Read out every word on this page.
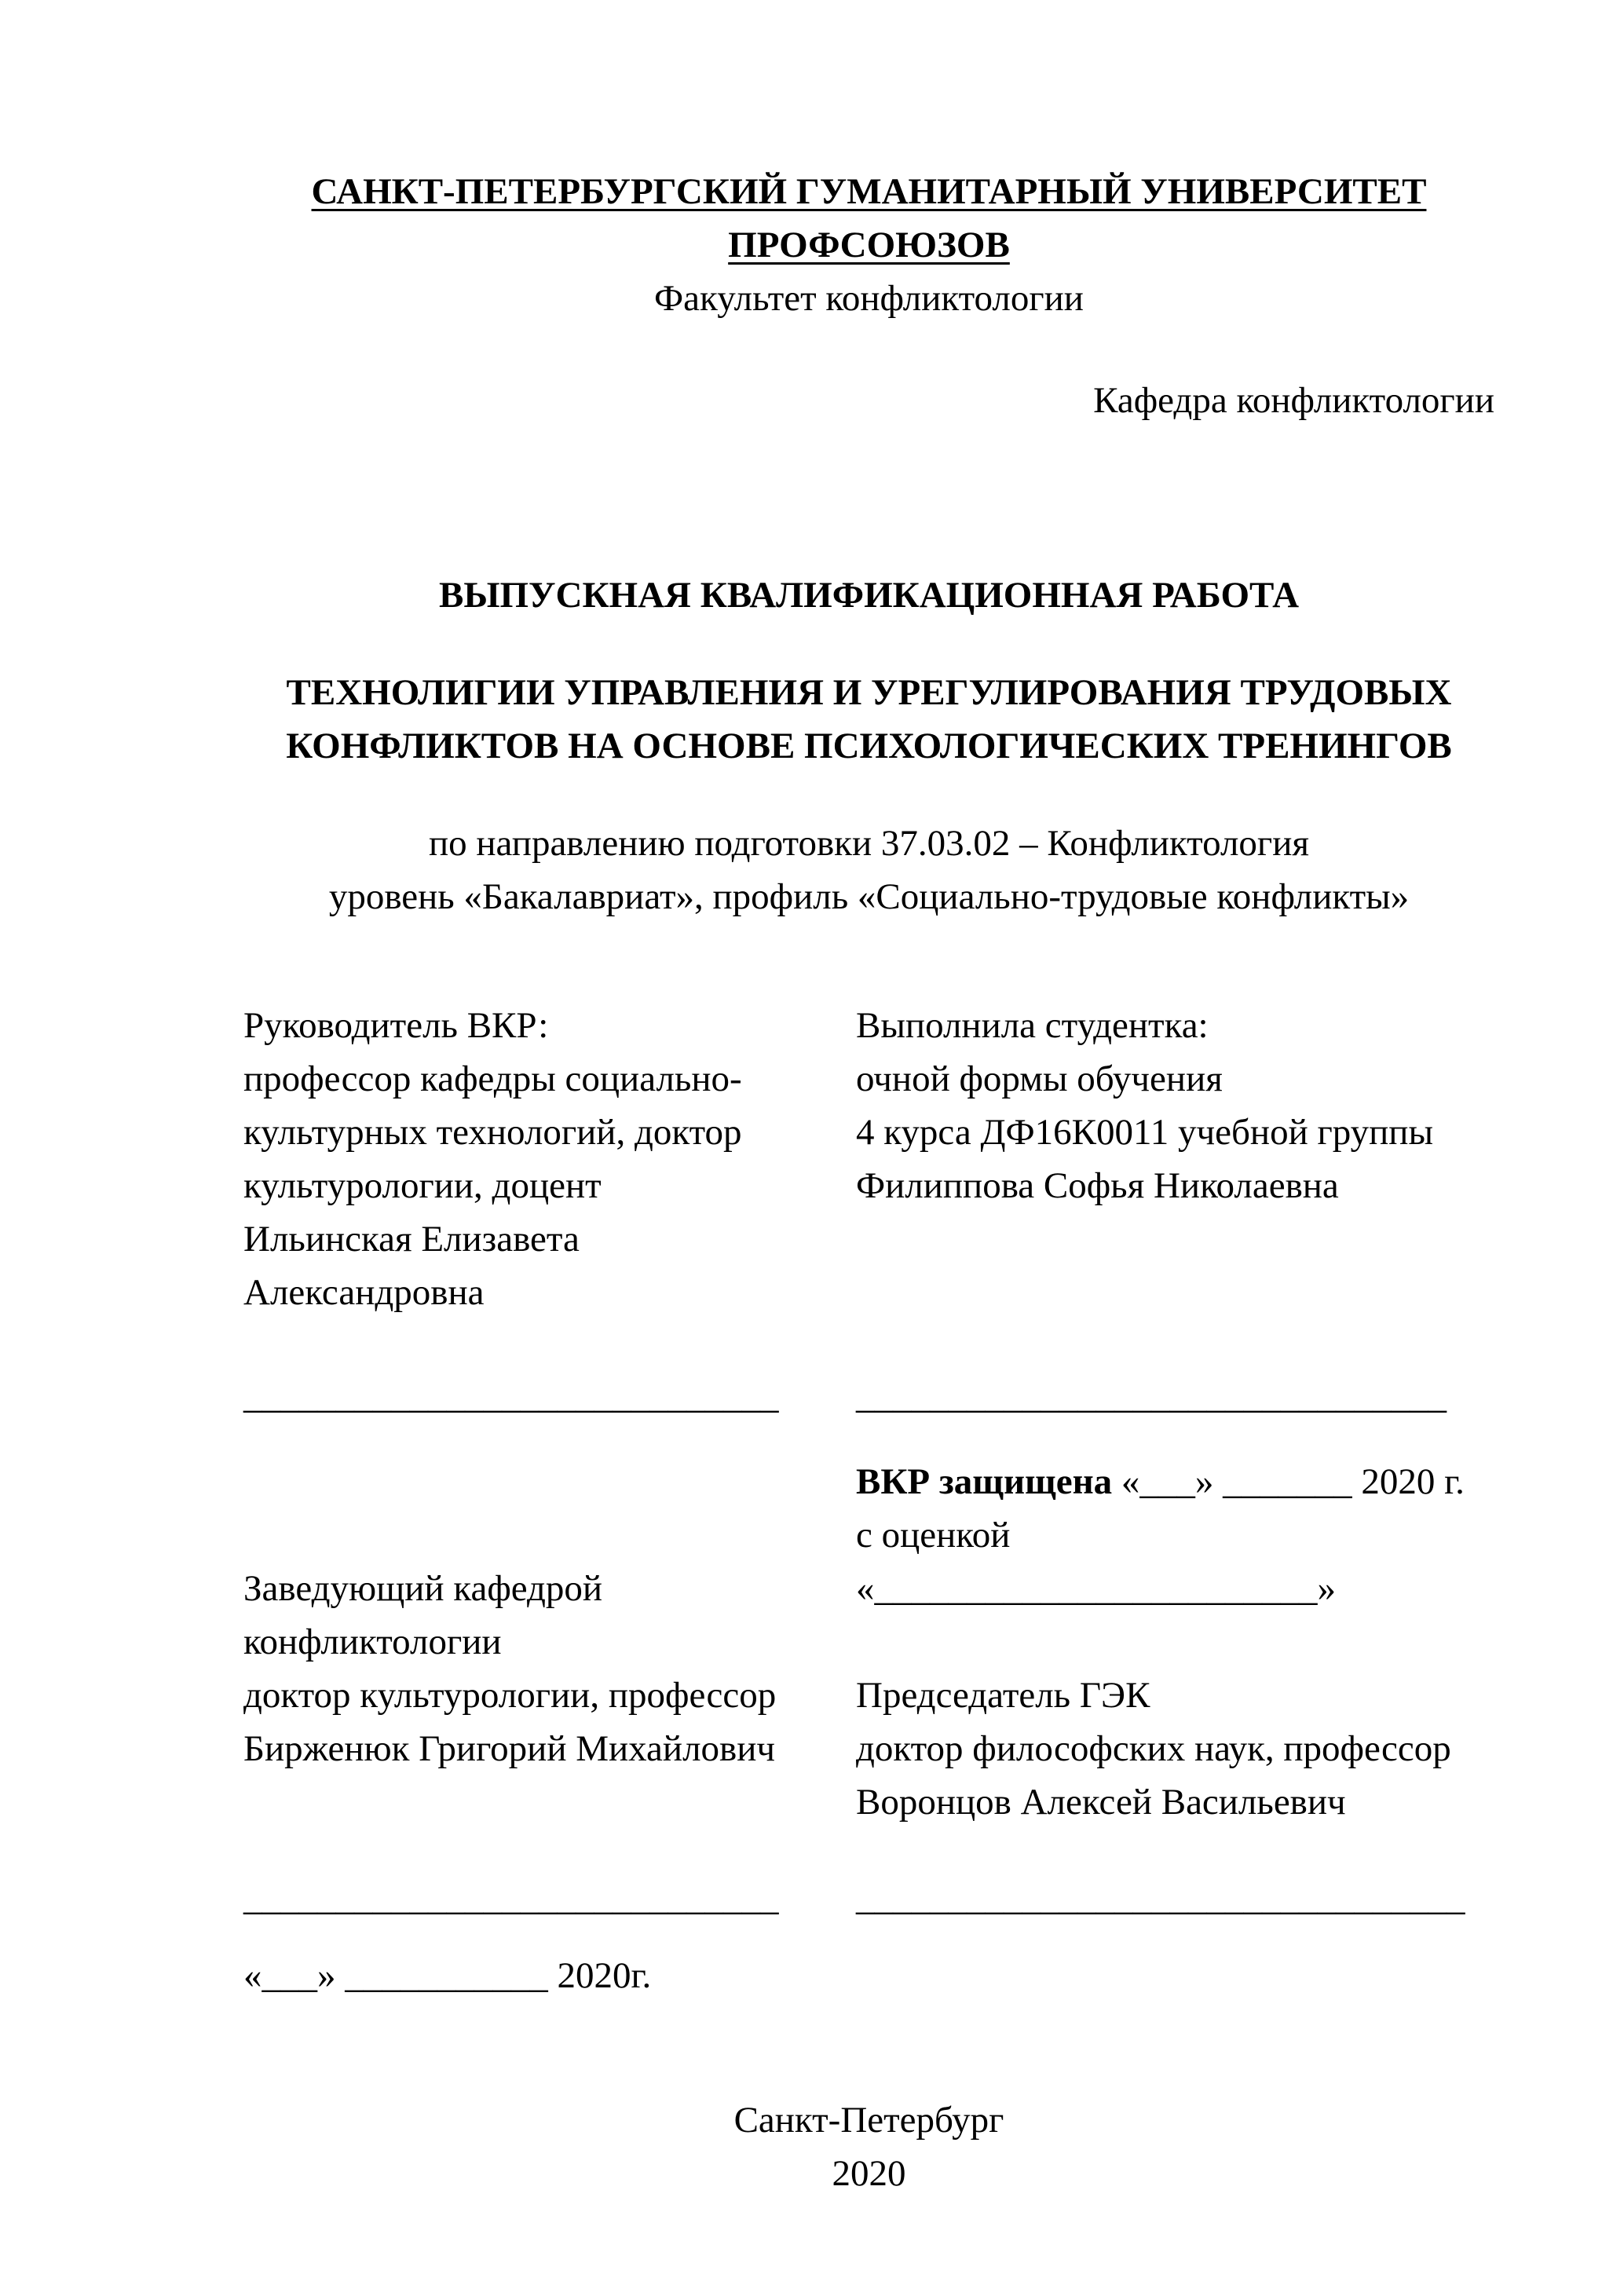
САНКТ-ПЕТЕРБУРГСКИЙ ГУМАНИТАРНЫЙ УНИВЕРСИТЕТ ПРОФСОЮЗОВ

Факультет конфликтологии

Кафедра конфликтологии

ВЫПУСКНАЯ КВАЛИФИКАЦИОННАЯ РАБОТА

ТЕХНОЛИГИИ УПРАВЛЕНИЯ И УРЕГУЛИРОВАНИЯ ТРУДОВЫХ

КОНФЛИКТОВ НА ОСНОВЕ ПСИХОЛОГИЧЕСКИХ ТРЕНИНГОВ

по направлению подготовки 37.03.02 – Конфликтология

уровень «Бакалавриат», профиль «Социально-трудовые конфликты»

Руководитель ВКР:

профессор кафедры социально-

культурных технологий, доктор

культурологии, доцент

Ильинская Елизавета

Александровна

Выполнила студентка:

очной формы обучения

4 курса ДФ16К0011 учебной группы

Филиппова Софья Николаевна

_____________________________ ________________________________

Заведующий кафедрой

конфликтологии

доктор культурологии, профессор

Бирженюк Григорий Михайлович

ВКР защищена «___» _______ 2020 г.

с оценкой «________________________»

Председатель ГЭК

доктор философских наук, профессор

Воронцов Алексей Васильевич

_____________________________ _________________________________

«___» ___________ 2020г.

Санкт-Петербург

2020
